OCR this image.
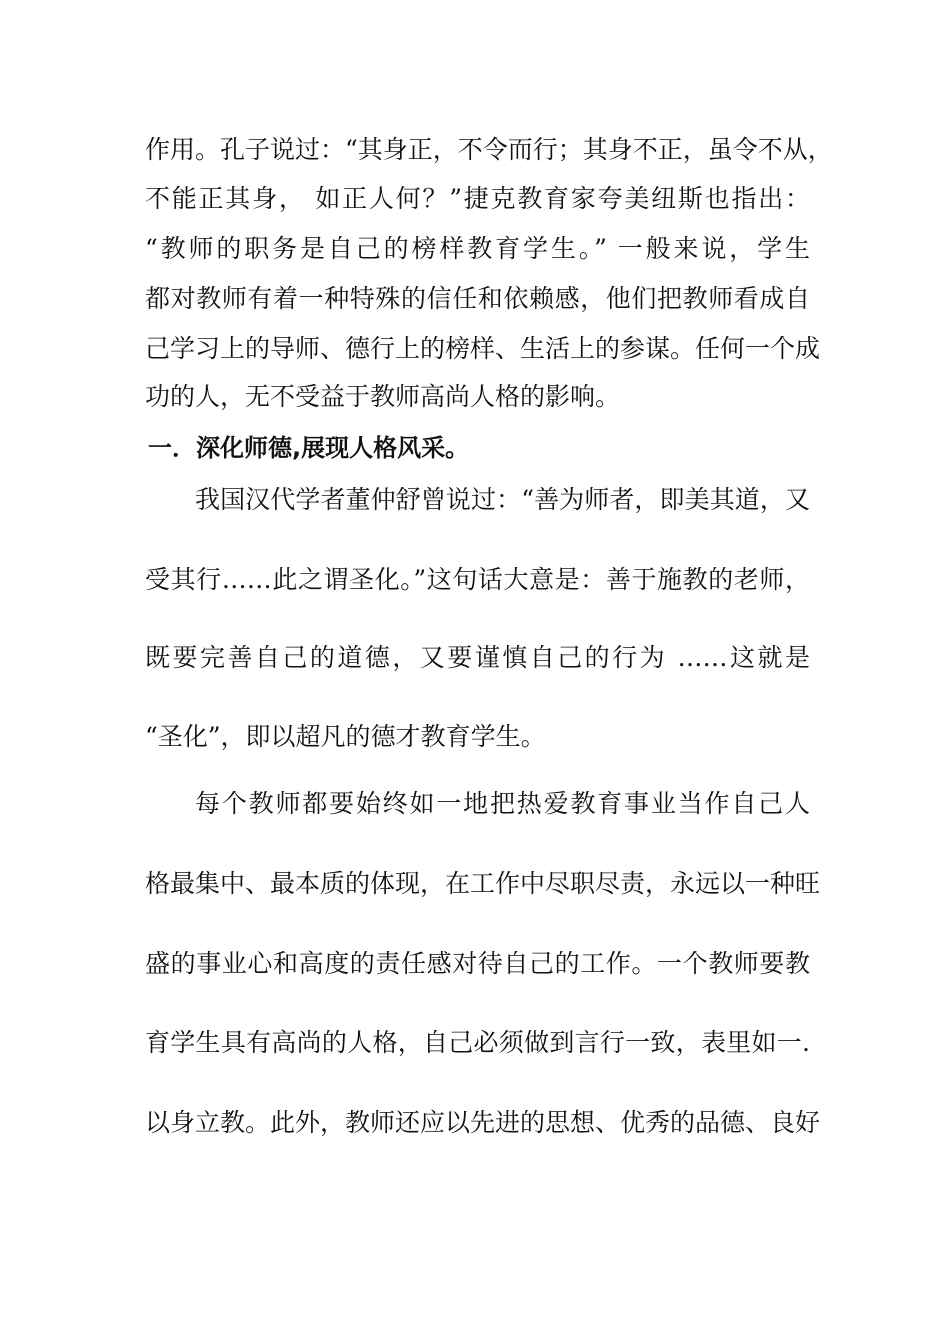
作用。孔子说过：“其身正，不令而行；其身不正，虽令不从，
不能正其身， 如正人何？”捷克教育家夸美纽斯也指出：
“教师的职务是自己的榜样教育学生。” 一般来说，学生
都对教师有着一种特殊的信任和依赖感，他们把教师看成自
己学习上的导师、德行上的榜样、生活上的参谋。任何一个成
功的人，无不受益于教师高尚人格的影响。
一．深化师德,展现人格风采。
我国汉代学者董仲舒曾说过：“善为师者，即美其道，又
受其行……此之谓圣化。”这句话大意是：善于施教的老师，
既要完善自己的道德，又要谨慎自己的行为 ……这就是
“圣化”，即以超凡的德才教育学生。
每个教师都要始终如一地把热爱教育事业当作自己人
格最集中、最本质的体现，在工作中尽职尽责，永远以一种旺
盛的事业心和高度的责任感对待自己的工作。一个教师要教
育学生具有高尚的人格，自己必须做到言行一致，表里如一.
以身立教。此外，教师还应以先进的思想、优秀的品德、良好
